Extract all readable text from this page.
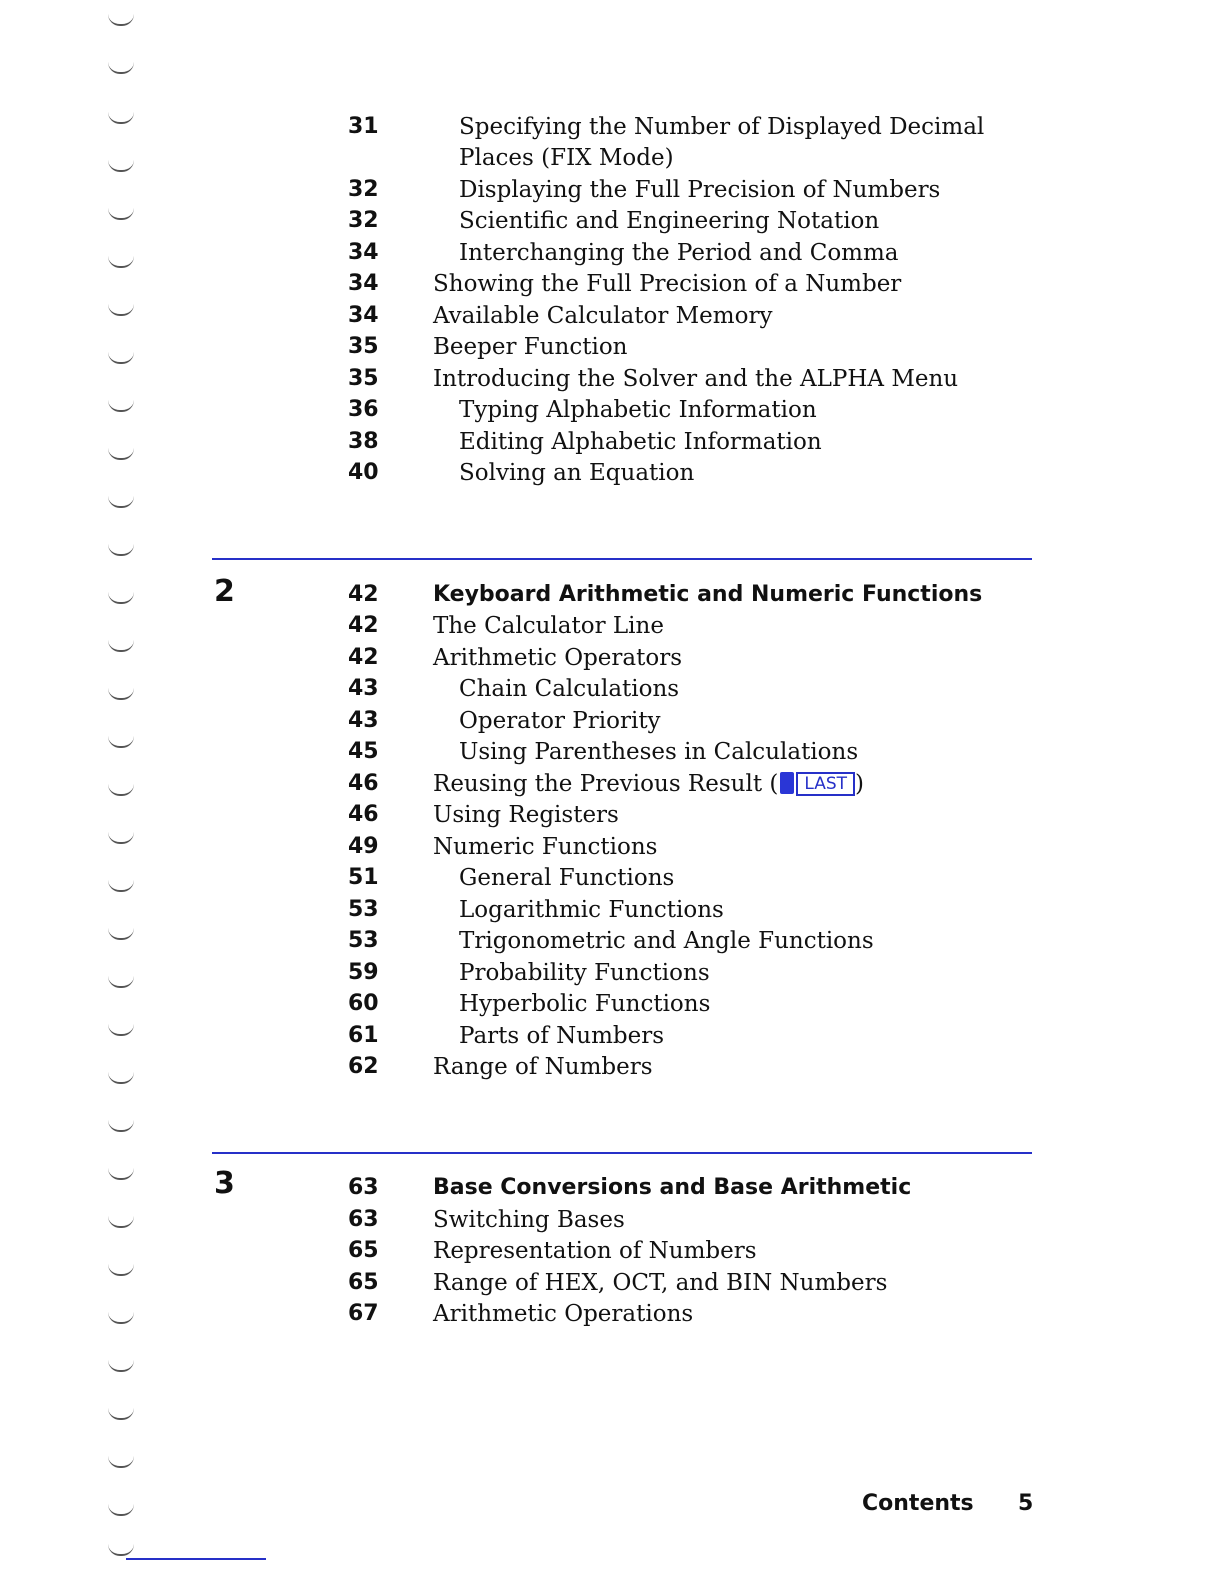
31	Specifying the Number of Displayed Decimal
Places (FIX Mode)
32	Displaying the Full Precision of Numbers
32	Scientific and Engineering Notation
34	Interchanging the Period and Comma
34	Showing the Full Precision of a Number
34	Available Calculator Memory
35	Beeper Function
35	Introducing the Solver and the ALPHA Menu
36	Typing Alphabetic Information
38	Editing Alphabetic Information
40	Solving an Equation
2	42	Keyboard Arithmetic and Numeric Functions
42	The Calculator Line
42	Arithmetic Operators
43	Chain Calculations
43	Operator Priority
45	Using Parentheses in Calculations
46	Reusing the Previous Result ( LAST )
46	Using Registers
49	Numeric Functions
51	General Functions
53	Logarithmic Functions
53	Trigonometric and Angle Functions
59	Probability Functions
60	Hyperbolic Functions
61	Parts of Numbers
62	Range of Numbers
3	63	Base Conversions and Base Arithmetic
63	Switching Bases
65	Representation of Numbers
65	Range of HEX, OCT, and BIN Numbers
67	Arithmetic Operations
Contents 5
